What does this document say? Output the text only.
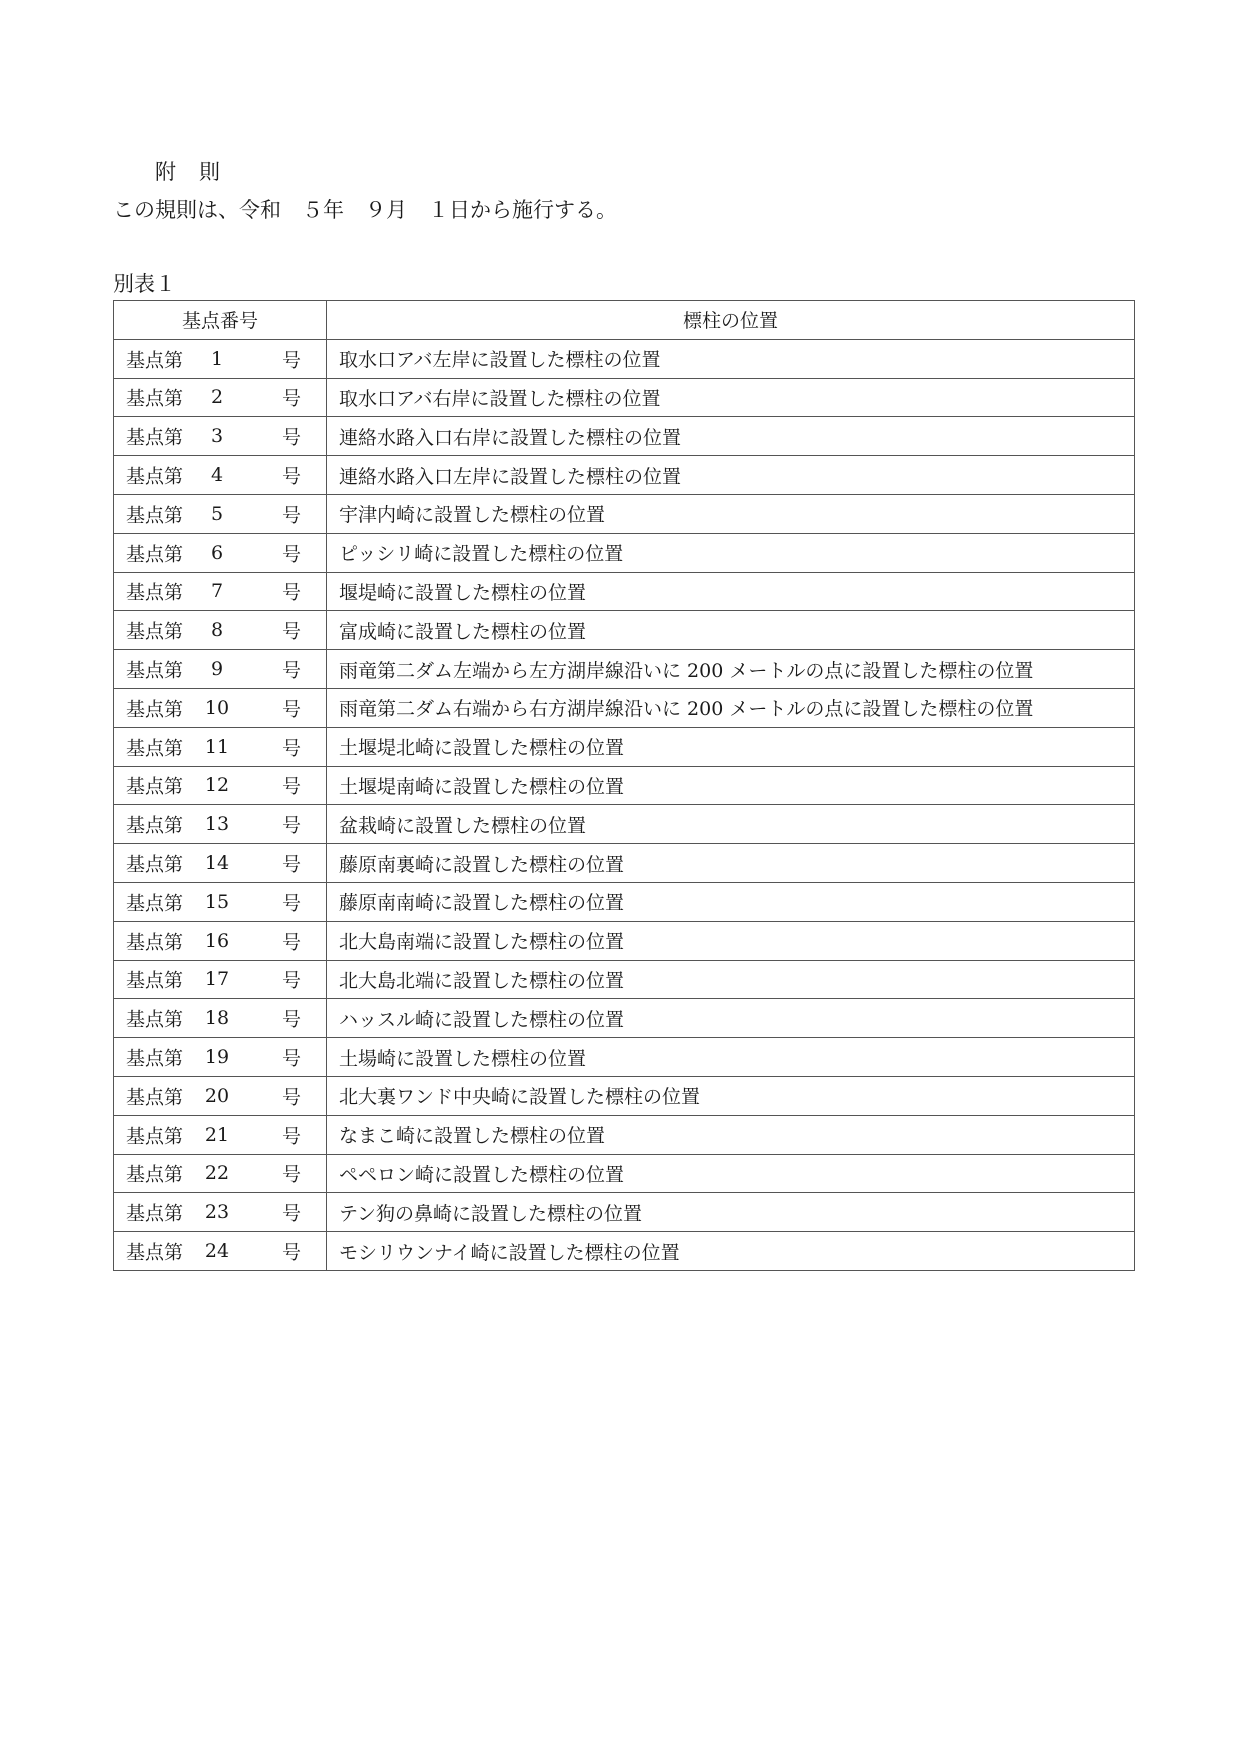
附　則
この規則は、令和　５年　９月　１日から施行する。
別表１
基点番号	標柱の位置

基点第 1 号	取水口アバ左岸に設置した標柱の位置

基点第 2 号	取水口アバ右岸に設置した標柱の位置

基点第 3 号	連絡水路入口右岸に設置した標柱の位置

基点第 4 号	連絡水路入口左岸に設置した標柱の位置

基点第 5 号	宇津内崎に設置した標柱の位置

基点第 6 号	ピッシリ崎に設置した標柱の位置

基点第 7 号	堰堤崎に設置した標柱の位置

基点第 8 号	富成崎に設置した標柱の位置

基点第 9 号	雨竜第二ダム左端から左方湖岸線沿いに 200 メートルの点に設置した標柱の位置

基点第 10 号	雨竜第二ダム右端から右方湖岸線沿いに 200 メートルの点に設置した標柱の位置

基点第 11 号	土堰堤北崎に設置した標柱の位置

基点第 12 号	土堰堤南崎に設置した標柱の位置

基点第 13 号	盆栽崎に設置した標柱の位置

基点第 14 号	藤原南裏崎に設置した標柱の位置

基点第 15 号	藤原南南崎に設置した標柱の位置

基点第 16 号	北大島南端に設置した標柱の位置

基点第 17 号	北大島北端に設置した標柱の位置

基点第 18 号	ハッスル崎に設置した標柱の位置

基点第 19 号	土場崎に設置した標柱の位置

基点第 20 号	北大裏ワンド中央崎に設置した標柱の位置

基点第 21 号	なまこ崎に設置した標柱の位置

基点第 22 号	ペペロン崎に設置した標柱の位置

基点第 23 号	テン狗の鼻崎に設置した標柱の位置

基点第 24 号	モシリウンナイ崎に設置した標柱の位置
